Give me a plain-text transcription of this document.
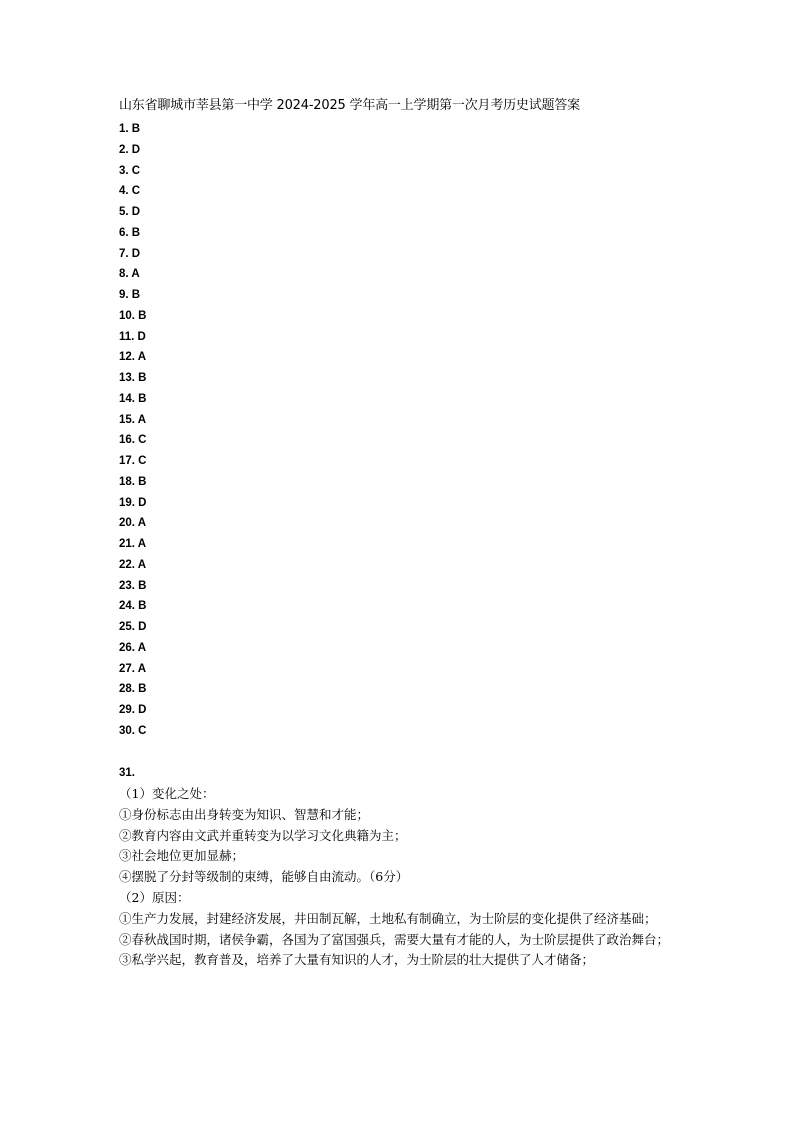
山东省聊城市莘县第一中学 2024-2025 学年高一上学期第一次月考历史试题答案
1. B
2. D
3. C
4. C
5. D
6. B
7. D
8. A
9. B
10. B
11. D
12. A
13. B
14. B
15. A
16. C
17. C
18. B
19. D
20. A
21. A
22. A
23. B
24. B
25. D
26. A
27. A
28. B
29. D
30. C
31.
（1）变化之处：
①身份标志由出身转变为知识、智慧和才能；
②教育内容由文武并重转变为以学习文化典籍为主；
③社会地位更加显赫；
④摆脱了分封等级制的束缚，能够自由流动。（6分）
（2）原因：
①生产力发展，封建经济发展，井田制瓦解，土地私有制确立，为士阶层的变化提供了经济基础；
②春秋战国时期，诸侯争霸，各国为了富国强兵，需要大量有才能的人，为士阶层提供了政治舞台；
③私学兴起，教育普及，培养了大量有知识的人才，为士阶层的壮大提供了人才储备；
